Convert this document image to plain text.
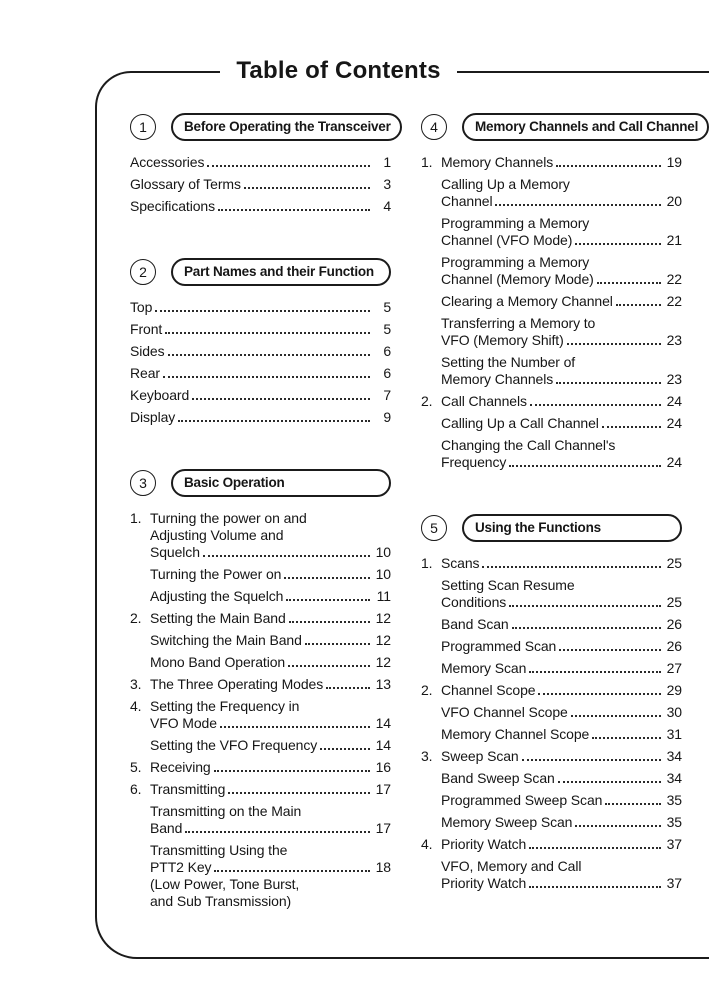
Table of Contents
1	Before Operating the Transceiver
Accessories	1
Glossary of Terms	3
Specifications	4
2	Part Names and their Function
Top	5
Front	5
Sides	6
Rear	6
Keyboard	7
Display	9
3	Basic Operation
1. Turning the power on and
Adjusting Volume and
Squelch	10
Turning the Power on	10
Adjusting the Squelch	11
2. Setting the Main Band	12
Switching the Main Band	12
Mono Band Operation	12
3. The Three Operating Modes	13
4. Setting the Frequency in
VFO Mode	14
Setting the VFO Frequency	14
5. Receiving	16
6. Transmitting	17
Transmitting on the Main
Band	17
Transmitting Using the
PTT2 Key	18
(Low Power, Tone Burst,
and Sub Transmission)
4	Memory Channels and Call Channel
1. Memory Channels	19
Calling Up a Memory
Channel	20
Programming a Memory
Channel (VFO Mode)	21
Programming a Memory
Channel (Memory Mode)	22
Clearing a Memory Channel	22
Transferring a Memory to
VFO (Memory Shift)	23
Setting the Number of
Memory Channels	23
2. Call Channels	24
Calling Up a Call Channel	24
Changing the Call Channel's
Frequency	24
5	Using the Functions
1. Scans	25
Setting Scan Resume
Conditions	25
Band Scan	26
Programmed Scan	26
Memory Scan	27
2. Channel Scope	29
VFO Channel Scope	30
Memory Channel Scope	31
3. Sweep Scan	34
Band Sweep Scan	34
Programmed Sweep Scan	35
Memory Sweep Scan	35
4. Priority Watch	37
VFO, Memory and Call
Priority Watch	37
